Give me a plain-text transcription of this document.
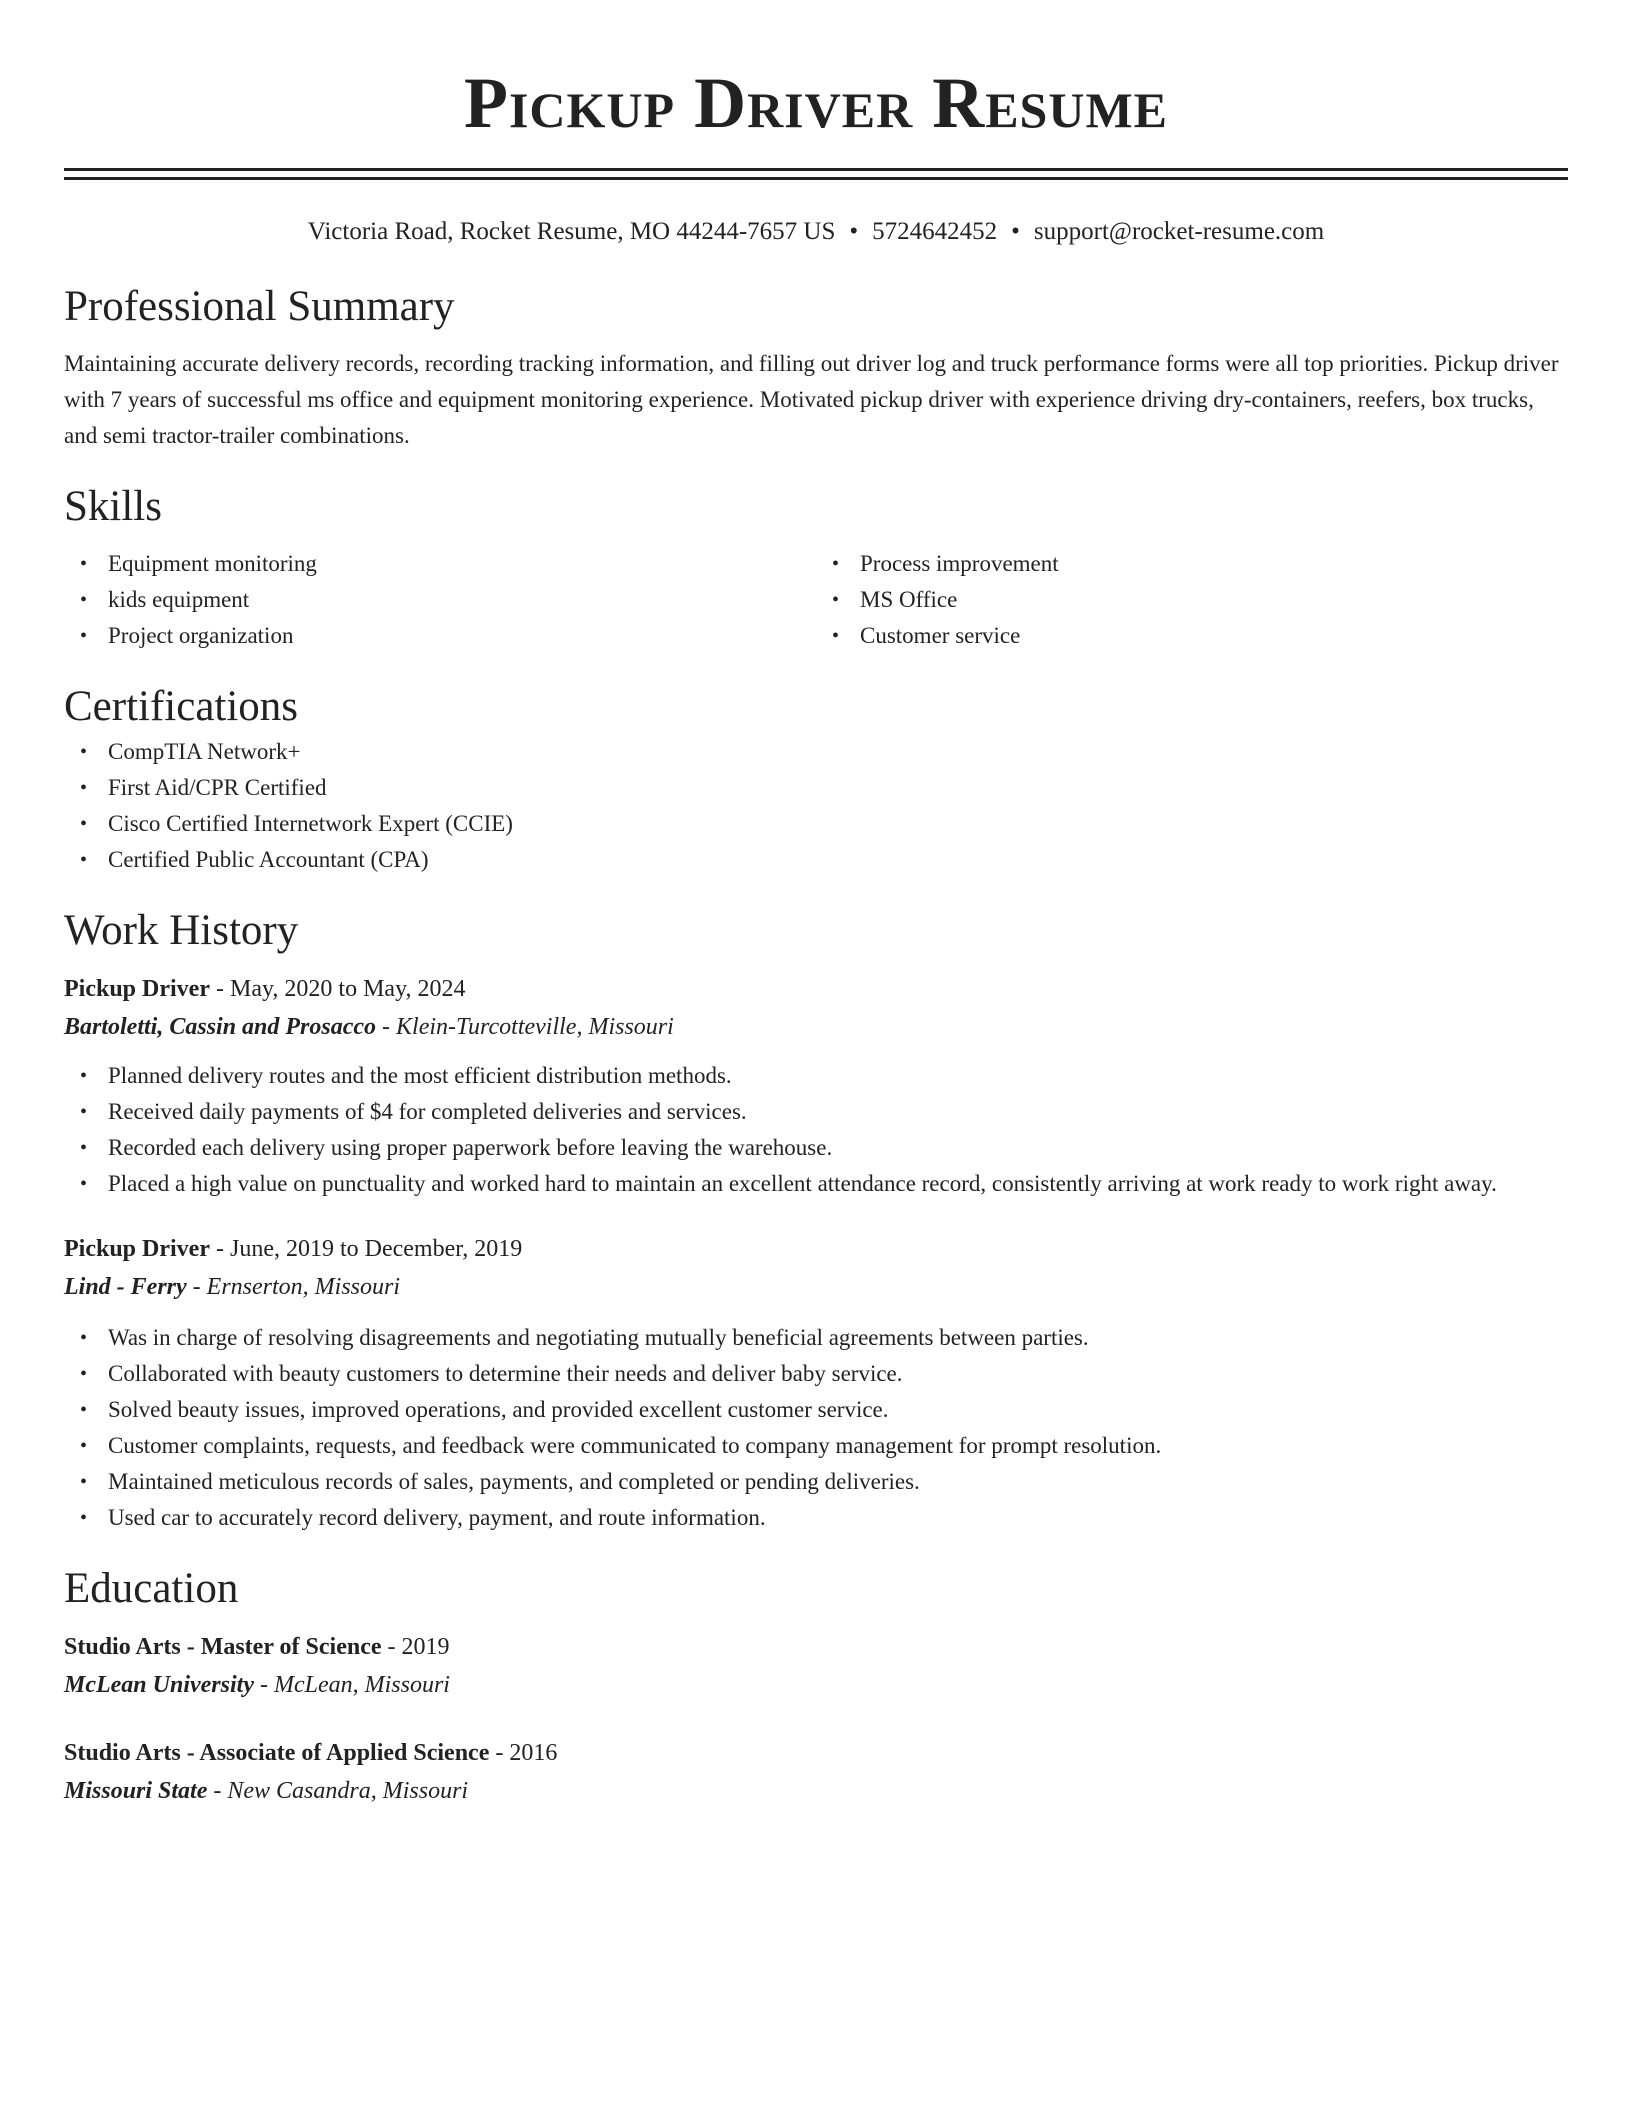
Pickup Driver Resume
Victoria Road, Rocket Resume, MO 44244-7657 US • 5724642452 • support@rocket-resume.com
Professional Summary

Maintaining accurate delivery records, recording tracking information, and filling out driver log and truck performance forms were all top priorities. Pickup driver with 7 years of successful ms office and equipment monitoring experience. Motivated pickup driver with experience driving dry-containers, reefers, box trucks, and semi tractor-trailer combinations.

Skills
• Equipment monitoring
• kids equipment
• Project organization
• Process improvement
• MS Office
• Customer service
Certifications
• CompTIA Network+
• First Aid/CPR Certified
• Cisco Certified Internetwork Expert (CCIE)
• Certified Public Accountant (CPA)
Work History
Pickup Driver - May, 2020 to May, 2024
Bartoletti, Cassin and Prosacco - Klein-Turcotteville, Missouri
• Planned delivery routes and the most efficient distribution methods.
• Received daily payments of $4 for completed deliveries and services.
• Recorded each delivery using proper paperwork before leaving the warehouse.
• Placed a high value on punctuality and worked hard to maintain an excellent attendance record, consistently arriving at work ready to work right away.
Pickup Driver - June, 2019 to December, 2019
Lind - Ferry - Ernserton, Missouri
• Was in charge of resolving disagreements and negotiating mutually beneficial agreements between parties.
• Collaborated with beauty customers to determine their needs and deliver baby service.
• Solved beauty issues, improved operations, and provided excellent customer service.
• Customer complaints, requests, and feedback were communicated to company management for prompt resolution.
• Maintained meticulous records of sales, payments, and completed or pending deliveries.
• Used car to accurately record delivery, payment, and route information.
Education
Studio Arts - Master of Science - 2019
McLean University - McLean, Missouri
Studio Arts - Associate of Applied Science - 2016
Missouri State - New Casandra, Missouri
